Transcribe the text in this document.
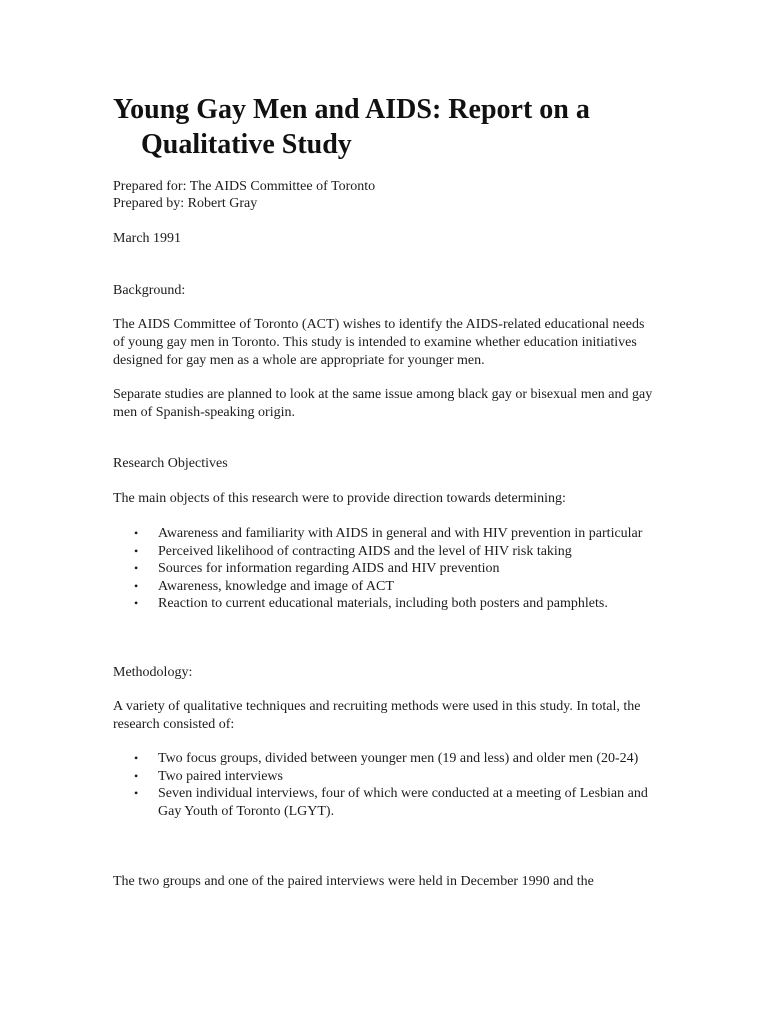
Young Gay Men and AIDS: Report on a Qualitative Study

Prepared for: The AIDS Committee of Toronto

Prepared by: Robert Gray

March 1991

Background:

The AIDS Committee of Toronto (ACT) wishes to identify the AIDS-related educational needs of young gay men in Toronto. This study is intended to examine whether education initiatives designed for gay men as a whole are appropriate for younger men.

Separate studies are planned to look at the same issue among black gay or bisexual men and gay men of Spanish-speaking origin.

Research Objectives

The main objects of this research were to provide direction towards determining:

• Awareness and familiarity with AIDS in general and with HIV prevention in particular
• Perceived likelihood of contracting AIDS and the level of HIV risk taking
• Sources for information regarding AIDS and HIV prevention
• Awareness, knowledge and image of ACT
• Reaction to current educational materials, including both posters and pamphlets.

Methodology:

A variety of qualitative techniques and recruiting methods were used in this study. In total, the research consisted of:

• Two focus groups, divided between younger men (19 and less) and older men (20-24)
• Two paired interviews
• Seven individual interviews, four of which were conducted at a meeting of Lesbian and Gay Youth of Toronto (LGYT).

The two groups and one of the paired interviews were held in December 1990 and the
